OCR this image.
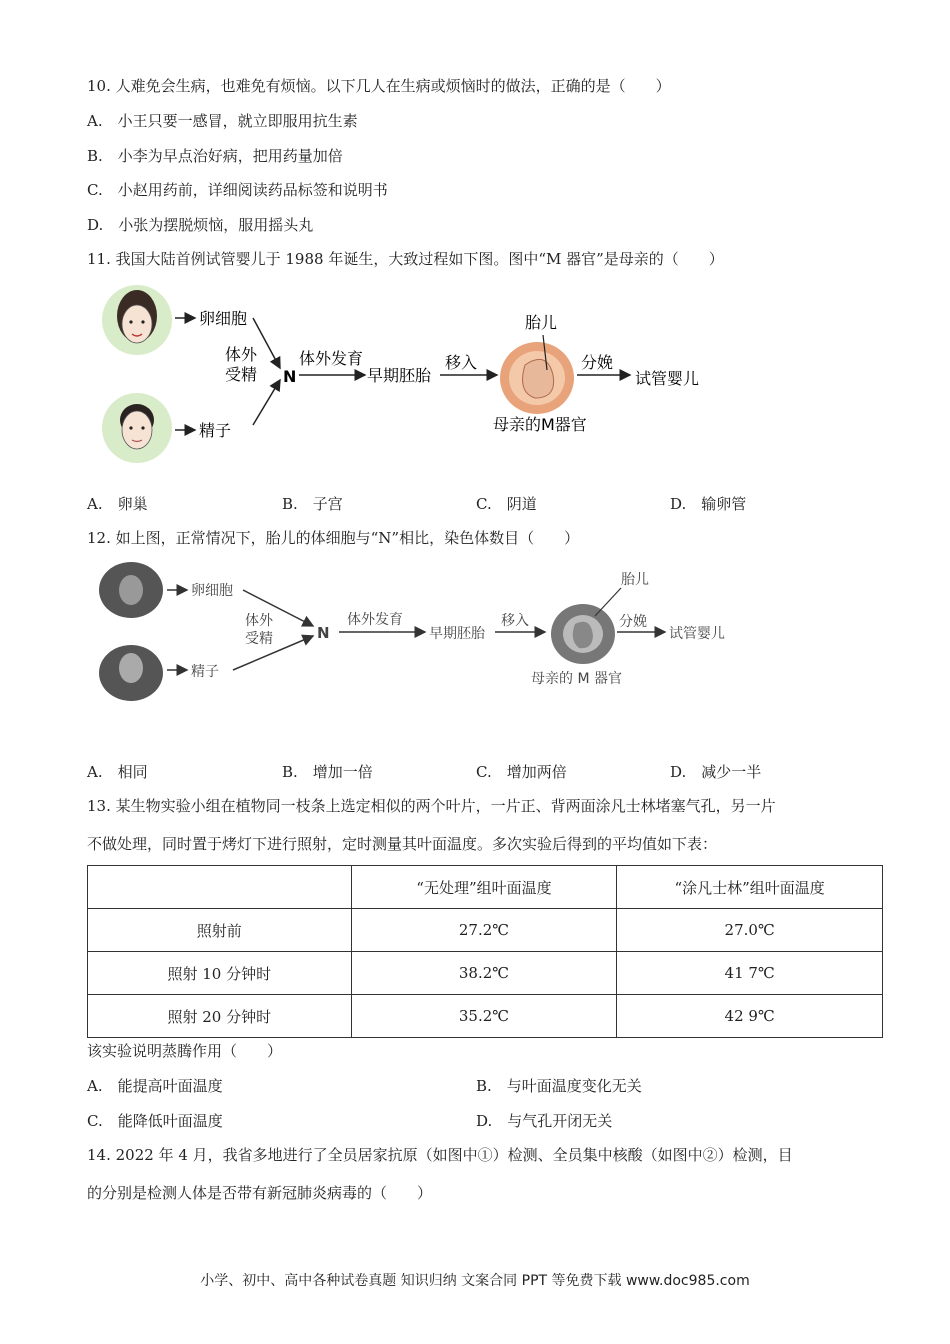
10. 人难免会生病，也难免有烦恼。以下几人在生病或烦恼时的做法，正确的是（　　）
A.　小王只要一感冒，就立即服用抗生素
B.　小李为早点治好病，把用药量加倍
C.　小赵用药前，详细阅读药品标签和说明书
D.　小张为摆脱烦恼，服用摇头丸
11. 我国大陆首例试管婴儿于 1988 年诞生，大致过程如下图。图中“M 器官”是母亲的（　　）
卵细胞
精子
体外
受精 N
体外发育
早期胚胎
移入
胎儿
分娩
试管婴儿
母亲的M器官
A.　卵巢	B.　子宫	C.　阴道	D.　输卵管
12. 如上图，正常情况下，胎儿的体细胞与“N”相比，染色体数目（　　）
卵细胞
精子
体外
受精	N
体外发育
早期胚胎
移入
胎儿
分娩
试管婴儿
母亲的 M 器官
A.　相同	B.　增加一倍	C.　增加两倍	D.　减少一半
13. 某生物实验小组在植物同一枝条上选定相似的两个叶片，一片正、背两面涂凡士林堵塞气孔，另一片
不做处理，同时置于烤灯下进行照射，定时测量其叶面温度。多次实验后得到的平均值如下表：
	“无处理”组叶面温度	“涂凡士林”组叶面温度
照射前	27.2℃	27.0℃
照射 10 分钟时	38.2℃	41 7℃
照射 20 分钟时	35.2℃	42 9℃
该实验说明蒸腾作用（　　）
A.　能提高叶面温度	B.　与叶面温度变化无关
C.　能降低叶面温度	D.　与气孔开闭无关
14. 2022 年 4 月，我省多地进行了全员居家抗原（如图中①）检测、全员集中核酸（如图中②）检测，目
的分别是检测人体是否带有新冠肺炎病毒的（　　）
小学、初中、高中各种试卷真题 知识归纳 文案合同 PPT 等免费下载 www.doc985.com
